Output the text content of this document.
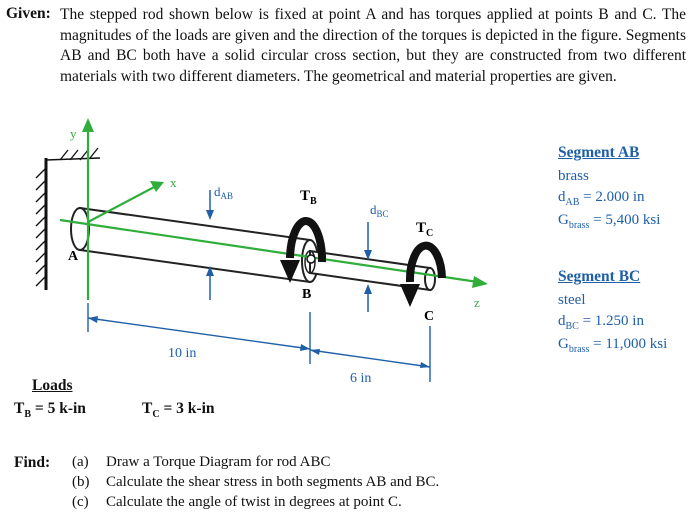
Given: The stepped rod shown below is fixed at point A and has torques applied at points B and C. The magnitudes of the loads are given and the direction of the torques is depicted in the figure. Segments AB and BC both have a solid circular cross section, but they are constructed from two different materials with two different diameters. The geometrical and material properties are given.
y
x
z
A
B
C
$d_{AB}$
$d_{BC}$
$T_B$
$T_C$
10 in
6 in
Segment AB
brass
$d_{AB} = 2.000$ in
$G_{brass} = 5,400$ ksi
Segment BC
steel
$d_{BC} = 1.250$ in
$G_{brass} = 11,000$ ksi
Loads
$T_B = 5$ k-in	$T_C = 3$ k-in
Find: (a) Draw a Torque Diagram for rod ABC
(b) Calculate the shear stress in both segments AB and BC.
(c) Calculate the angle of twist in degrees at point C.
